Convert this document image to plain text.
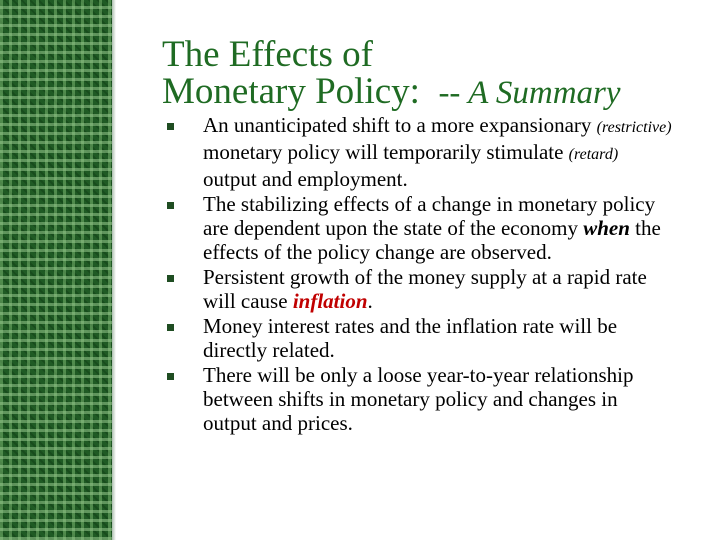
The Effects of
Monetary Policy: -- A Summary
An unanticipated shift to a more expansionary (restrictive) monetary policy will temporarily stimulate (retard) output and employment.
The stabilizing effects of a change in monetary policy are dependent upon the state of the economy when the effects of the policy change are observed.
Persistent growth of the money supply at a rapid rate will cause inflation.
Money interest rates and the inflation rate will be directly related.
There will be only a loose year-to-year relationship between shifts in monetary policy and changes in output and prices.
